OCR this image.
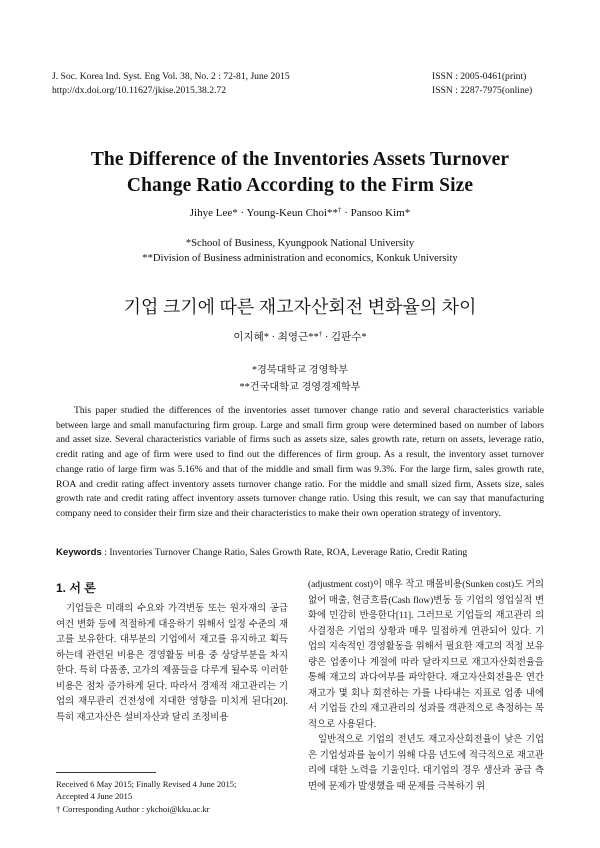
J. Soc. Korea Ind. Syst. Eng Vol. 38, No. 2 : 72-81, June 2015
http://dx.doi.org/10.11627/jkise.2015.38.2.72
ISSN : 2005-0461(print)
ISSN : 2287-7975(online)
The Difference of the Inventories Assets Turnover
Change Ratio According to the Firm Size
Jihye Lee* · Young-Keun Choi**† · Pansoo Kim*
*School of Business, Kyungpook National University
**Division of Business administration and economics, Konkuk University
기업 크기에 따른 재고자산회전 변화율의 차이
이지혜* · 최영근**† · 김판수*
*경북대학교 경영학부
**건국대학교 경영경제학부
This paper studied the differences of the inventories asset turnover change ratio and several characteristics variable between large and small manufacturing firm group. Large and small firm group were determined based on number of labors and asset size. Several characteristics variable of firms such as assets size, sales growth rate, return on assets, leverage ratio, credit rating and age of firm were used to find out the differences of firm group. As a result, the inventory asset turnover change ratio of large firm was 5.16% and that of the middle and small firm was 9.3%. For the large firm, sales growth rate, ROA and credit rating affect inventory assets turnover change ratio. For the middle and small sized firm, Assets size, sales growth rate and credit rating affect inventory assets turnover change ratio. Using this result, we can say that manufacturing company need to consider their firm size and their characteristics to make their own operation strategy of inventory.
Keywords : Inventories Turnover Change Ratio, Sales Growth Rate, ROA, Leverage Ratio, Credit Rating
1. 서 론
기업들은 미래의 수요와 가격변동 또는 원자재의 공급여건 변화 등에 적절하게 대응하기 위해서 일정 수준의 재고를 보유한다. 대부분의 기업에서 재고를 유지하고 획득하는데 관련된 비용은 경영활동 비용 중 상당부분을 차지한다. 특히 다품종, 고가의 제품들을 다루게 될수록 이러한 비용은 점차 증가하게 된다. 따라서 경제적 재고관리는 기업의 재무관리 건전성에 지대한 영향을 미치게 된다[20]. 특히 재고자산은 설비자산과 달리 조정비용
(adjustment cost)이 매우 작고 매몰비용(Sunken cost)도 거의 없어 매출, 현금흐름(Cash flow)변동 등 기업의 영업실적 변화에 민감히 반응한다[11]. 그러므로 기업들의 재고관리 의사결정은 기업의 상황과 매우 밀접하게 연관되어 있다. 기업의 지속적인 경영활동을 위해서 필요한 재고의 적정 보유량은 업종이나 계절에 따라 달라지므로 재고자산회전율을 통해 재고의 과다여부를 파악한다. 재고자산회전율은 연간 재고가 몇 회나 회전하는 가를 나타내는 지표로 업종 내에서 기업들 간의 재고관리의 성과를 객관적으로 측정하는 목적으로 사용된다.
일반적으로 기업의 전년도 재고자산회전율이 낮은 기업은 기업성과를 높이기 위해 다음 년도에 적극적으로 재고관리에 대한 노력을 기울인다. 대기업의 경우 생산과 공급 측면에 문제가 발생했을 때 문제를 극복하기 위
Received 6 May 2015; Finally Revised 4 June 2015;
Accepted 4 June 2015
† Corresponding Author : ykchoi@kku.ac.kr
